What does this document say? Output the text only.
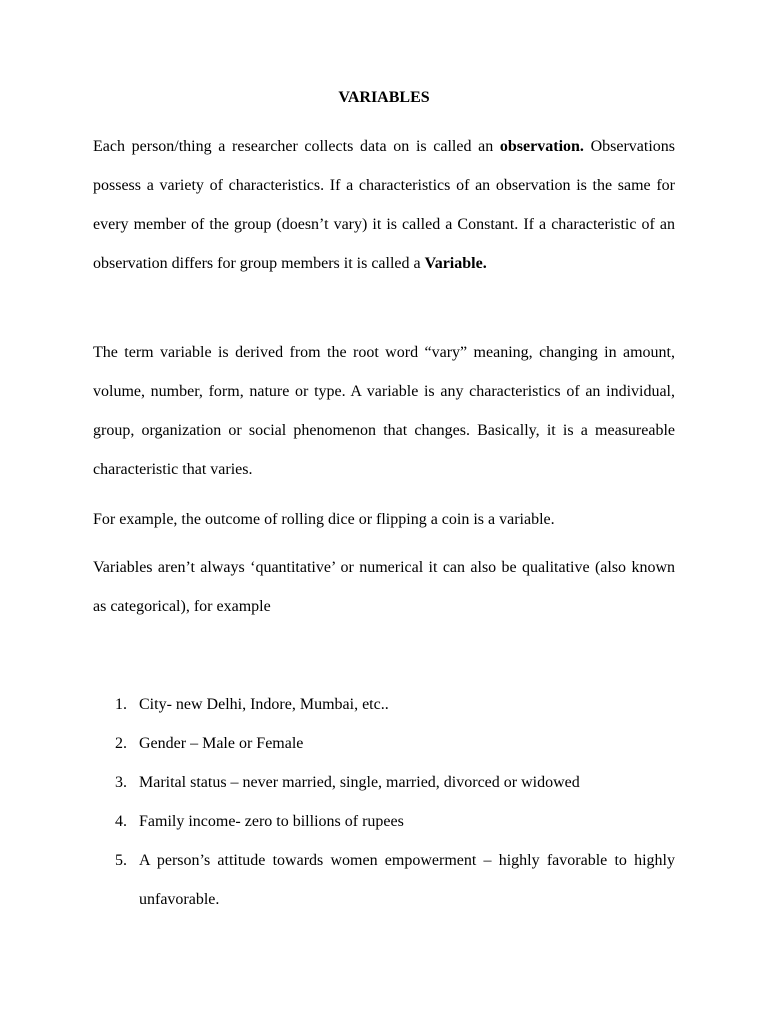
VARIABLES

Each person/thing a researcher collects data on is called an observation. Observations possess a variety of characteristics. If a characteristics of an observation is the same for every member of the group (doesn’t vary) it is called a Constant. If a characteristic of an observation differs for group members it is called a Variable.

The term variable is derived from the root word “vary” meaning, changing in amount, volume, number, form, nature or type. A variable is any characteristics of an individual, group, organization or social phenomenon that changes. Basically, it is a measureable characteristic that varies.

For example, the outcome of rolling dice or flipping a coin is a variable.

Variables aren’t always ‘quantitative’ or numerical it can also be qualitative (also known as categorical), for example

1. City- new Delhi, Indore, Mumbai, etc..
2. Gender – Male or Female
3. Marital status – never married, single, married, divorced or widowed
4. Family income- zero to billions of rupees
5. A person’s attitude towards women empowerment – highly favorable to highly unfavorable.
